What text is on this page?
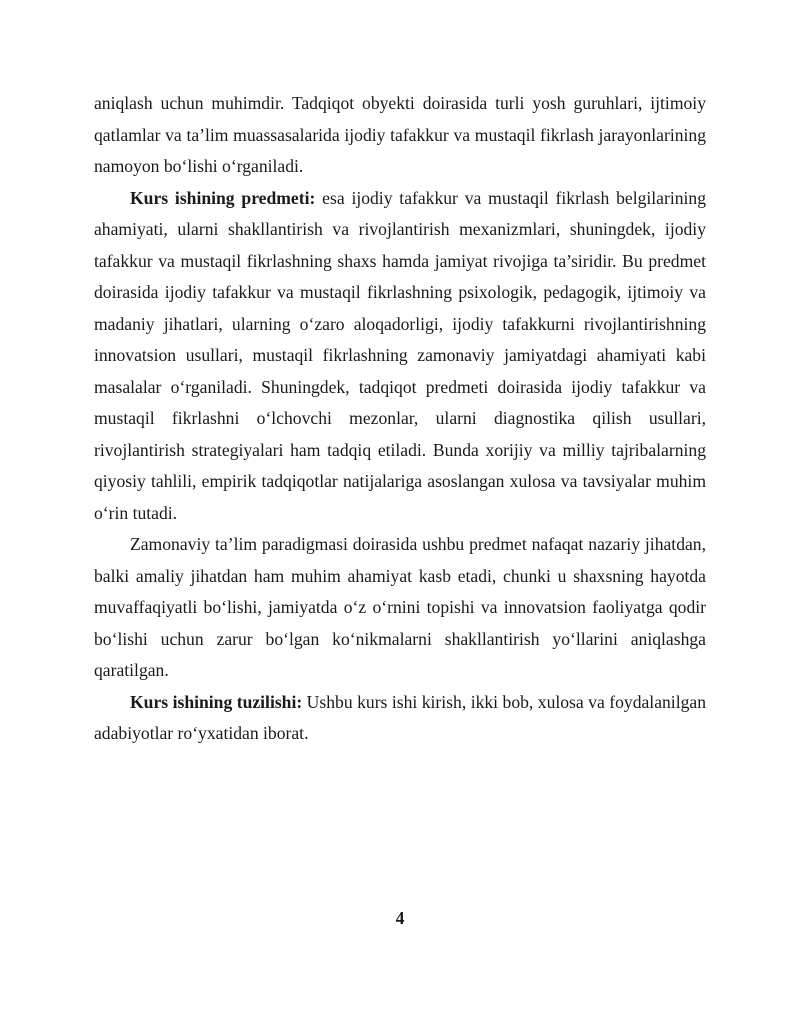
aniqlash uchun muhimdir. Tadqiqot obyekti doirasida turli yosh guruhlari, ijtimoiy qatlamlar va ta’lim muassasalarida ijodiy tafakkur va mustaqil fikrlash jarayonlarining namoyon bo‘lishi o‘rganiladi.

Kurs ishining predmeti: esa ijodiy tafakkur va mustaqil fikrlash belgilarining ahamiyati, ularni shakllantirish va rivojlantirish mexanizmlari, shuningdek, ijodiy tafakkur va mustaqil fikrlashning shaxs hamda jamiyat rivojiga ta’siridir. Bu predmet doirasida ijodiy tafakkur va mustaqil fikrlashning psixologik, pedagogik, ijtimoiy va madaniy jihatlari, ularning o‘zaro aloqadorligi, ijodiy tafakkurni rivojlantirishning innovatsion usullari, mustaqil fikrlashning zamonaviy jamiyatdagi ahamiyati kabi masalalar o‘rganiladi. Shuningdek, tadqiqot predmeti doirasida ijodiy tafakkur va mustaqil fikrlashni o‘lchovchi mezonlar, ularni diagnostika qilish usullari, rivojlantirish strategiyalari ham tadqiq etiladi. Bunda xorijiy va milliy tajribalarning qiyosiy tahlili, empirik tadqiqotlar natijalariga asoslangan xulosa va tavsiyalar muhim o‘rin tutadi.

Zamonaviy ta’lim paradigmasi doirasida ushbu predmet nafaqat nazariy jihatdan, balki amaliy jihatdan ham muhim ahamiyat kasb etadi, chunki u shaxsning hayotda muvaffaqiyatli bo‘lishi, jamiyatda o‘z o‘rnini topishi va innovatsion faoliyatga qodir bo‘lishi uchun zarur bo‘lgan ko‘nikmalarni shakllantirish yo‘llarini aniqlashga qaratilgan.

Kurs ishining tuzilishi: Ushbu kurs ishi kirish, ikki bob, xulosa va foydalanilgan adabiyotlar ro‘yxatidan iborat.

4
